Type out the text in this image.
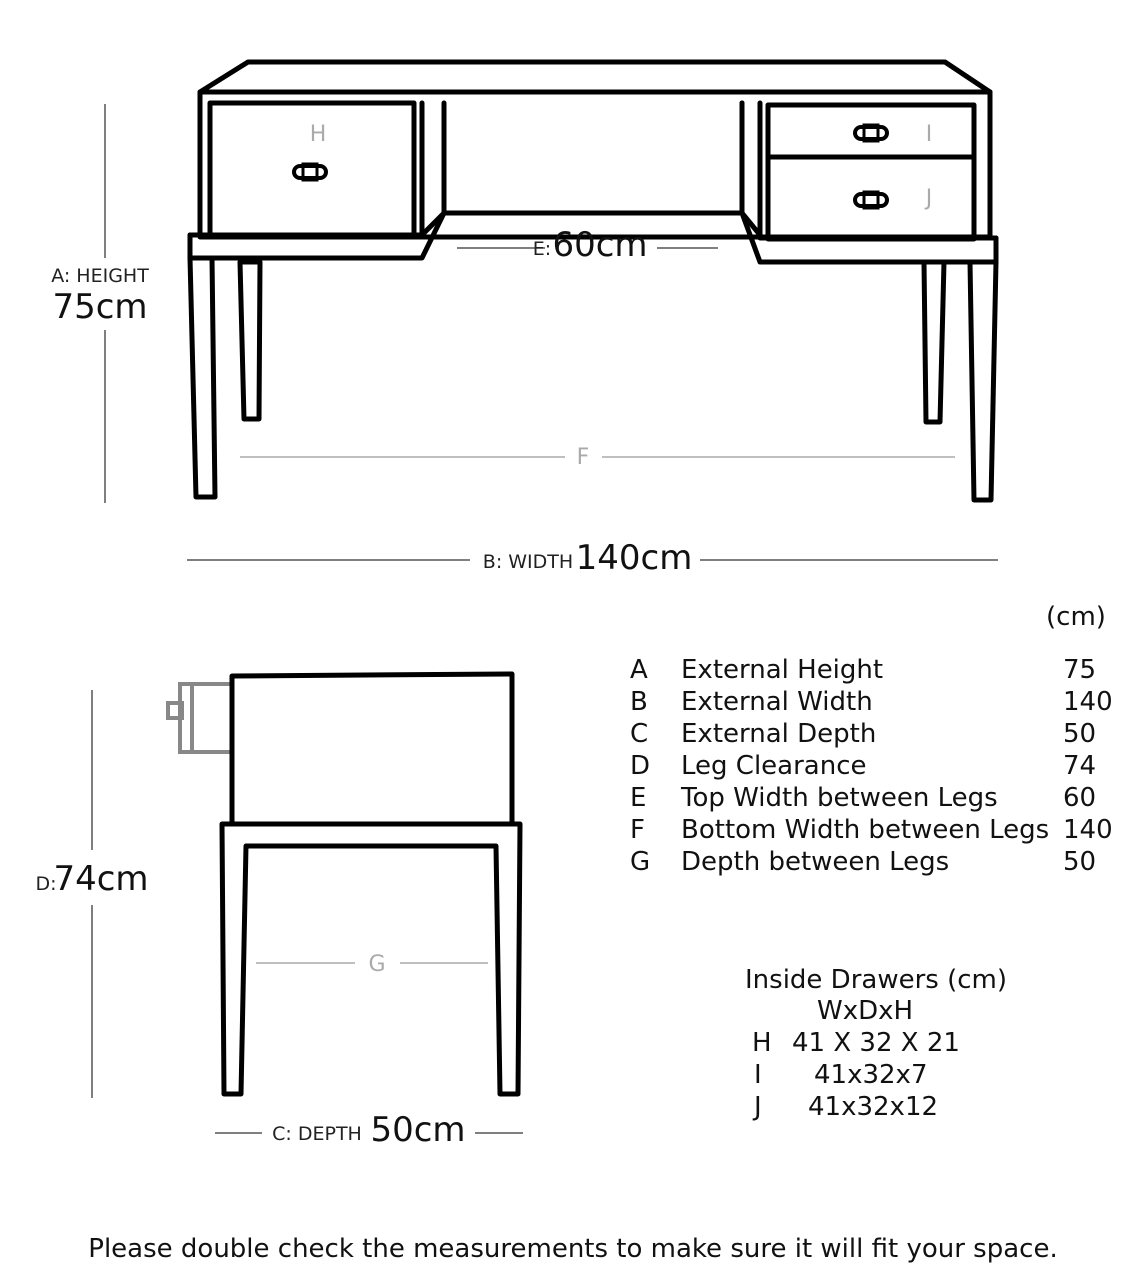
H	I
J
A: HEIGHT
75cm
E: 60cm
F
B: WIDTH 140cm
D:
74cm
G
C: DEPTH 50cm
(cm)
A External Height	75
B External Width	140
C External Depth	50
D Leg Clearance	74
E Top Width between Legs	60
F Bottom Width between Legs 140
G Depth between Legs	50
Inside Drawers (cm)
WxDxH
H 41 X 32 X 21
I 41x32x7
J 41x32x12
Please double check the measurements to make sure it will fit your space.
